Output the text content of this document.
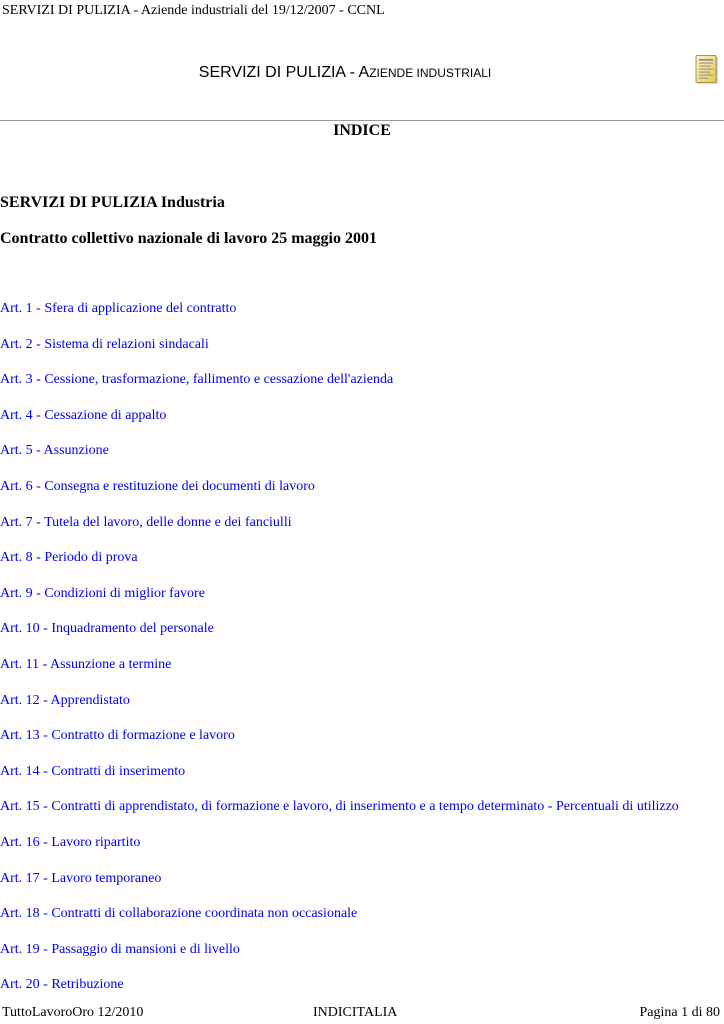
SERVIZI DI PULIZIA - Aziende industriali del 19/12/2007 - CCNL
SERVIZI DI PULIZIA - AZIENDE INDUSTRIALI
INDICE
SERVIZI DI PULIZIA Industria
Contratto collettivo nazionale di lavoro 25 maggio 2001
Art. 1 - Sfera di applicazione del contratto
Art. 2 - Sistema di relazioni sindacali
Art. 3 - Cessione, trasformazione, fallimento e cessazione dell'azienda
Art. 4 - Cessazione di appalto
Art. 5 - Assunzione
Art. 6 - Consegna e restituzione dei documenti di lavoro
Art. 7 - Tutela del lavoro, delle donne e dei fanciulli
Art. 8 - Periodo di prova
Art. 9 - Condizioni di miglior favore
Art. 10 - Inquadramento del personale
Art. 11 - Assunzione a termine
Art. 12 - Apprendistato
Art. 13 - Contratto di formazione e lavoro
Art. 14 - Contratti di inserimento
Art. 15 - Contratti di apprendistato, di formazione e lavoro, di inserimento e a tempo determinato - Percentuali di utilizzo
Art. 16 - Lavoro ripartito
Art. 17 - Lavoro temporaneo
Art. 18 - Contratti di collaborazione coordinata non occasionale
Art. 19 - Passaggio di mansioni e di livello
Art. 20 - Retribuzione
TuttoLavoroOro 12/2010	INDICITALIA	Pagina 1 di 80
